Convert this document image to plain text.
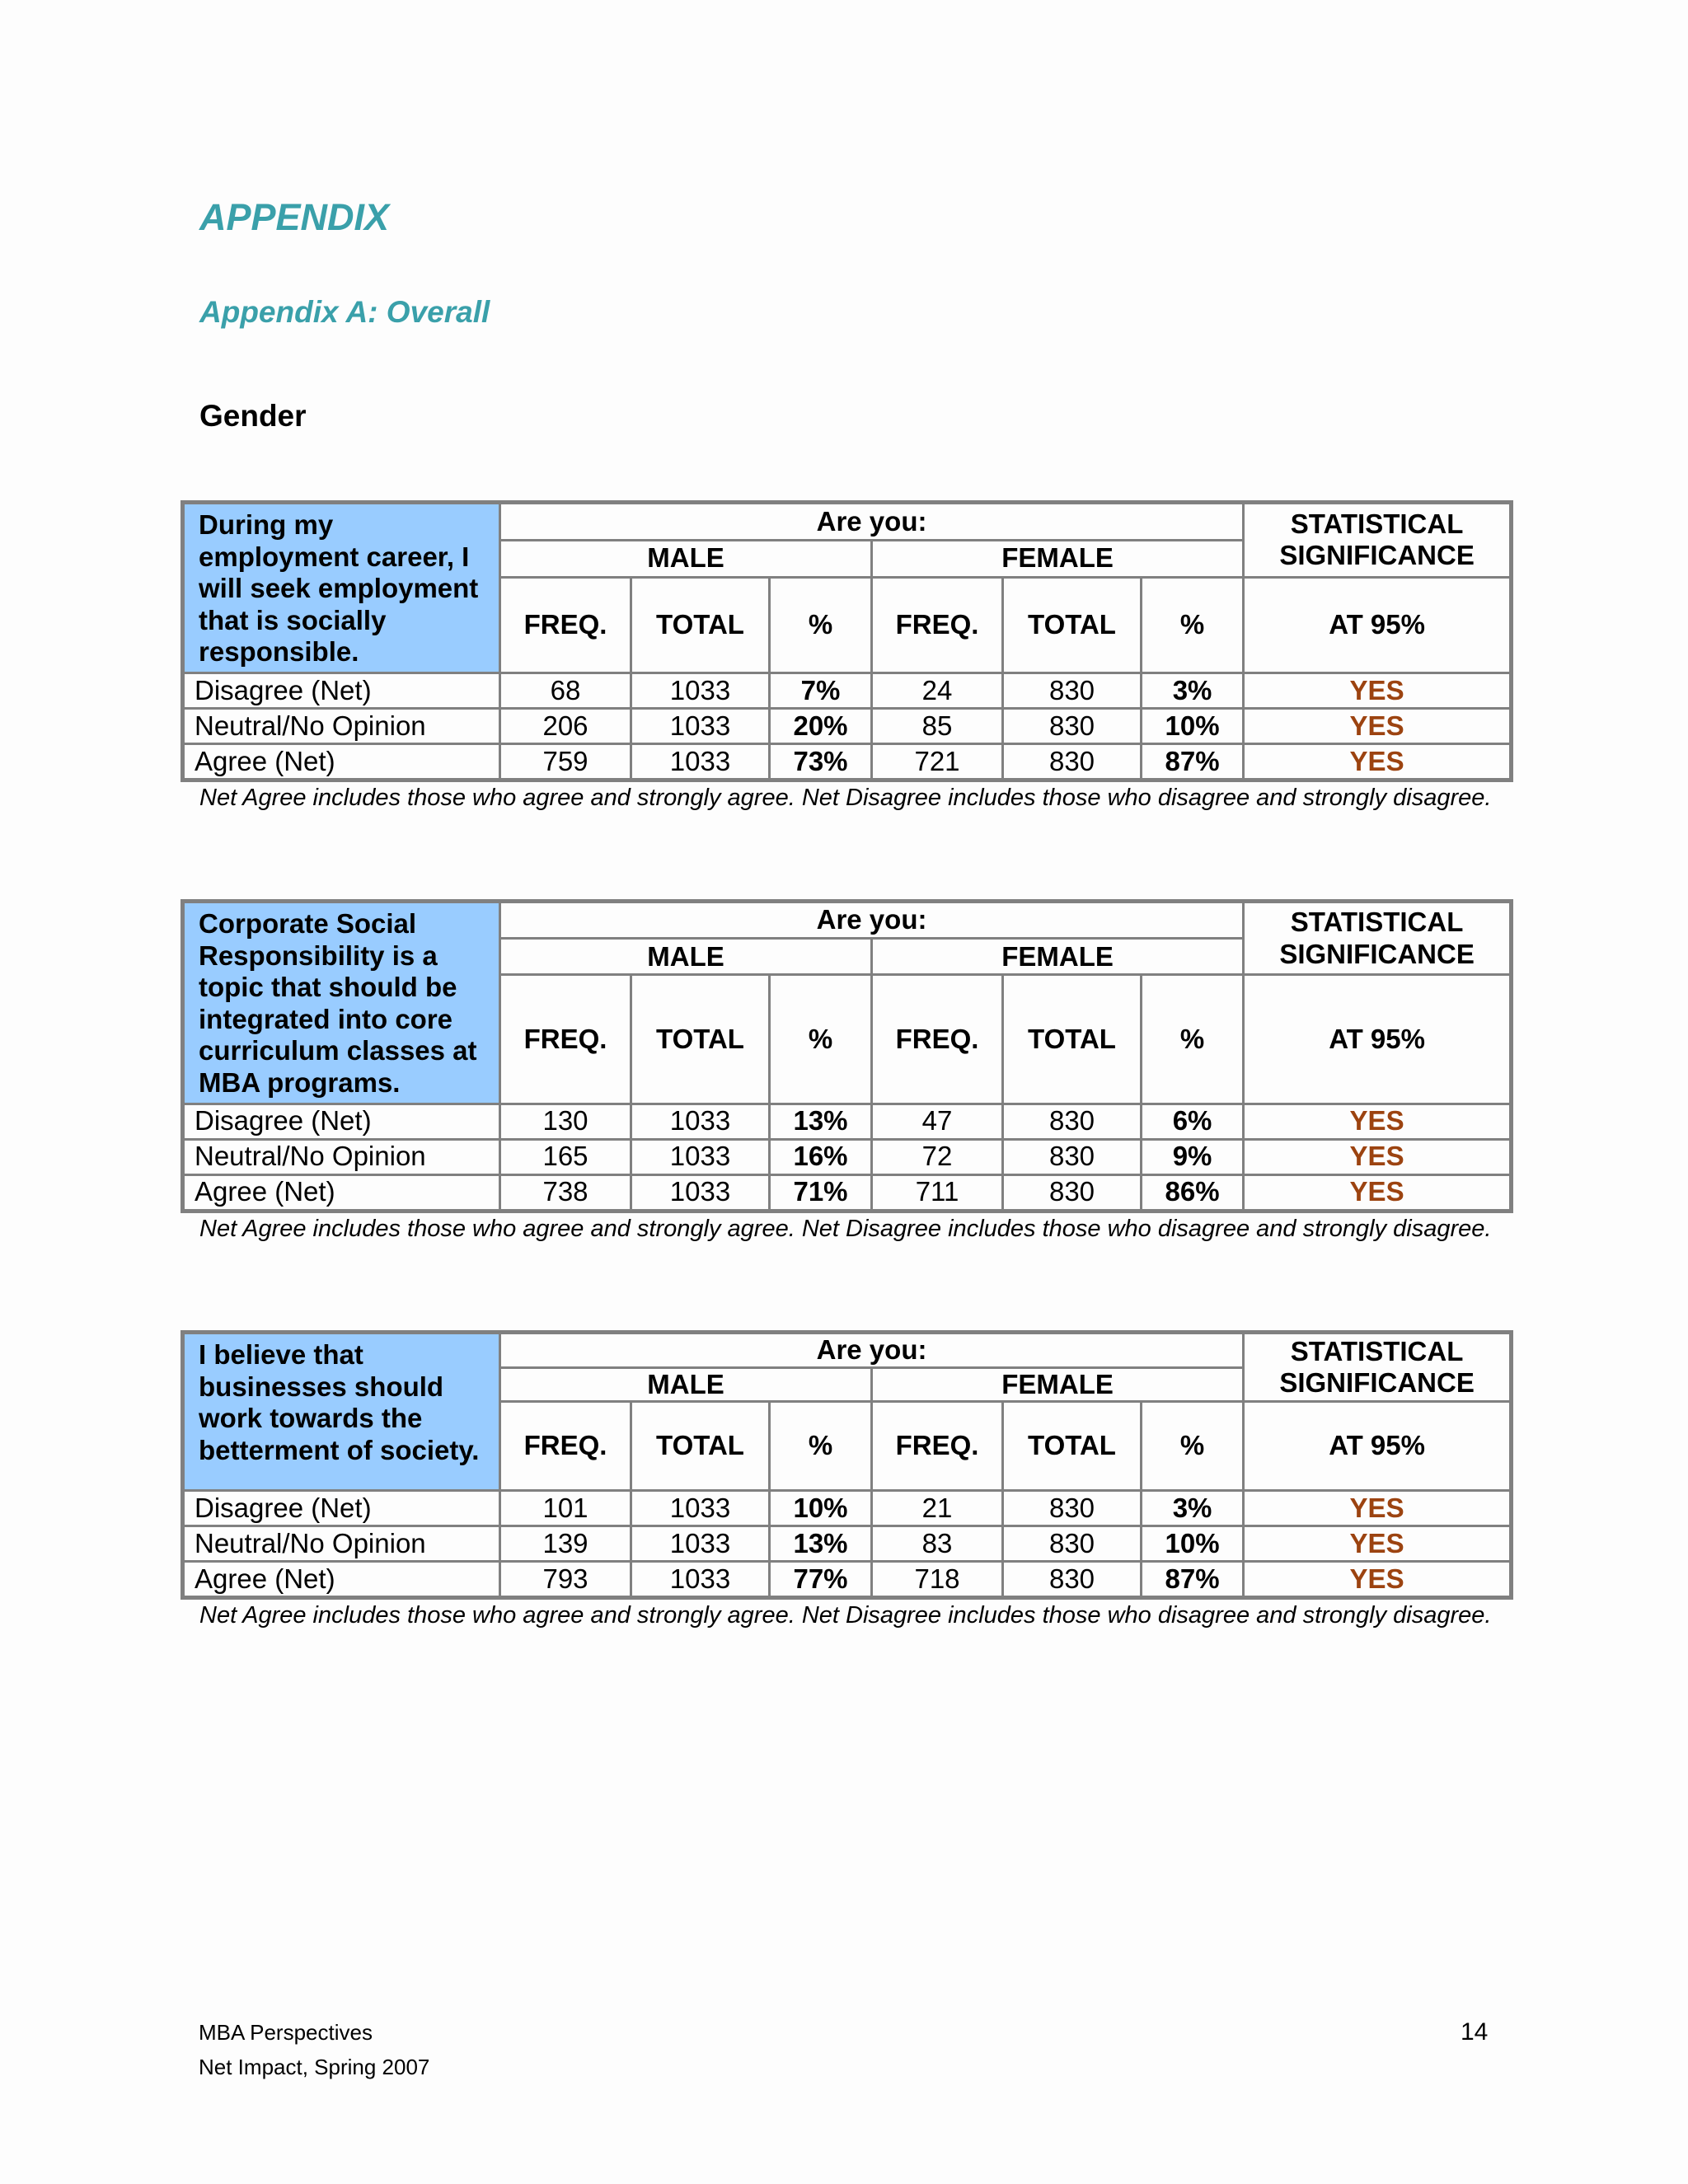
APPENDIX
Appendix A: Overall
Gender
During my employment career, I will seek employment that is socially responsible.	Are you:						STATISTICAL SIGNIFICANCE
	MALE			FEMALE			
	FREQ.	TOTAL	%	FREQ.	TOTAL	%	AT 95%
Disagree (Net)	68	1033	7%	24	830	3%	YES
Neutral/No Opinion	206	1033	20%	85	830	10%	YES
Agree (Net)	759	1033	73%	721	830	87%	YES

Net Agree includes those who agree and strongly agree. Net Disagree includes those who disagree and strongly disagree.

Corporate Social Responsibility is a topic that should be integrated into core curriculum classes at MBA programs.	Are you:						STATISTICAL SIGNIFICANCE
	MALE			FEMALE			
	FREQ.	TOTAL	%	FREQ.	TOTAL	%	AT 95%
Disagree (Net)	130	1033	13%	47	830	6%	YES
Neutral/No Opinion	165	1033	16%	72	830	9%	YES
Agree (Net)	738	1033	71%	711	830	86%	YES

Net Agree includes those who agree and strongly agree. Net Disagree includes those who disagree and strongly disagree.

I believe that businesses should work towards the betterment of society.	Are you:						STATISTICAL SIGNIFICANCE
	MALE			FEMALE			
	FREQ.	TOTAL	%	FREQ.	TOTAL	%	AT 95%
Disagree (Net)	101	1033	10%	21	830	3%	YES
Neutral/No Opinion	139	1033	13%	83	830	10%	YES
Agree (Net)	793	1033	77%	718	830	87%	YES

Net Agree includes those who agree and strongly agree. Net Disagree includes those who disagree and strongly disagree.

MBA Perspectives
Net Impact, Spring 2007
14
